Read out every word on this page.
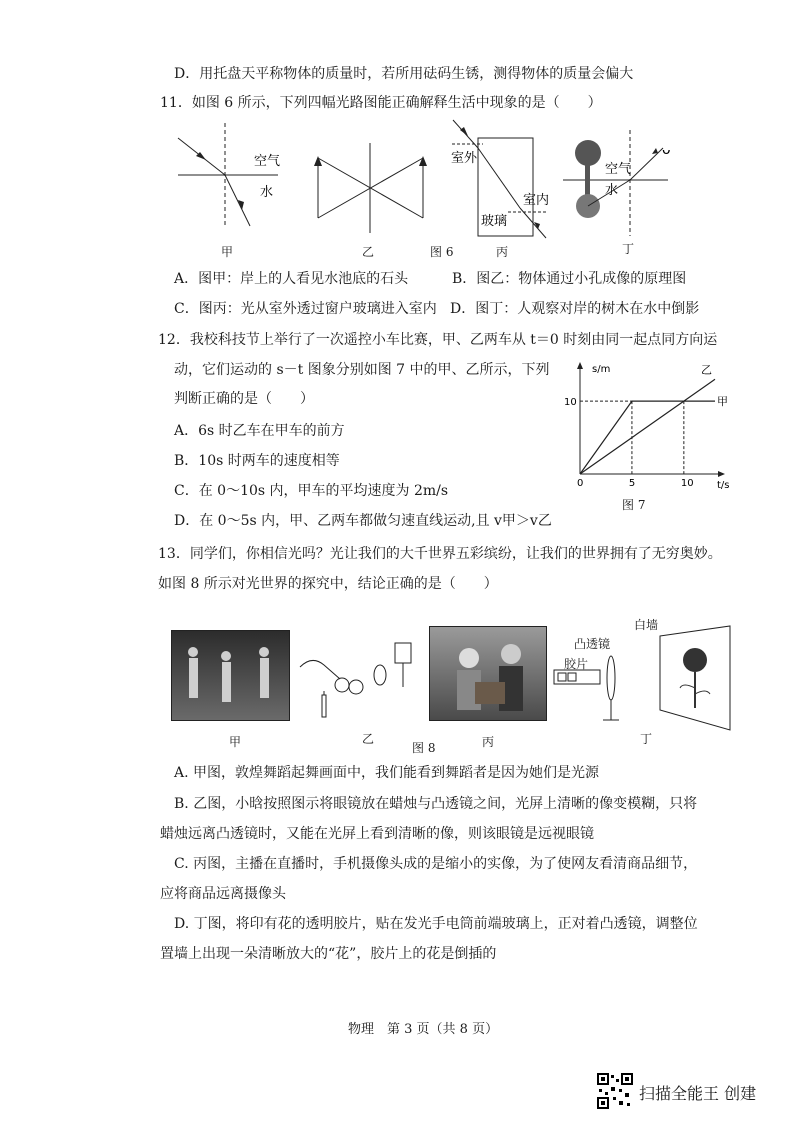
D．用托盘天平称物体的质量时，若所用砝码生锈，测得物体的质量会偏大
11．如图 6 所示，下列四幅光路图能正确解释生活中现象的是（　　）
空气
水
室外
室内
玻璃
ᴗ
空气
水
甲	乙	图 6	丙	丁
A．图甲：岸上的人看见水池底的石头	B．图乙：物体通过小孔成像的原理图
C．图丙：光从室外透过窗户玻璃进入室内 D．图丁：人观察对岸的树木在水中倒影
12．我校科技节上举行了一次遥控小车比赛，甲、乙两车从 t＝0 时刻由同一起点同方向运
动，它们运动的 s－t 图象分别如图 7 中的甲、乙所示，下列
判断正确的是（　　）
A．6s 时乙车在甲车的前方
B．10s 时两车的速度相等
C．在 0～10s 内，甲车的平均速度为 2m/s
D．在 0～5s 内，甲、乙两车都做匀速直线运动,且 v甲＞v乙
s/m
t/s
0	5	10
10	甲
乙
图 7
13．同学们，你相信光吗？光让我们的大千世界五彩缤纷，让我们的世界拥有了无穷奥妙。
如图 8 所示对光世界的探究中，结论正确的是（　　）
凸透镜
胶片
白墙
甲	乙
图 8	丙	丁
A. 甲图，敦煌舞蹈起舞画面中，我们能看到舞蹈者是因为她们是光源
B. 乙图，小晗按照图示将眼镜放在蜡烛与凸透镜之间，光屏上清晰的像变模糊，只将
蜡烛远离凸透镜时，又能在光屏上看到清晰的像，则该眼镜是远视眼镜
C. 丙图，主播在直播时，手机摄像头成的是缩小的实像，为了使网友看清商品细节，
应将商品远离摄像头
D. 丁图，将印有花的透明胶片，贴在发光手电筒前端玻璃上，正对着凸透镜，调整位
置墙上出现一朵清晰放大的“花”，胶片上的花是倒插的
物理　第 3 页（共 8 页）
扫描全能王 创建
